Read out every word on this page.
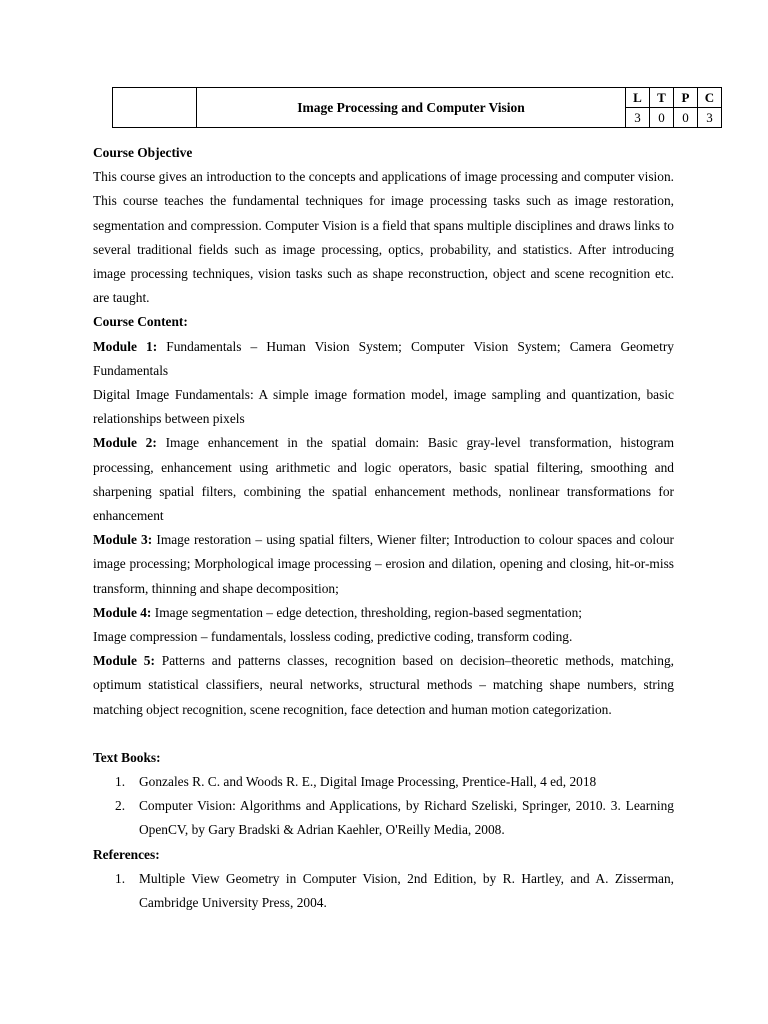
	Image Processing and Computer Vision	L	T	P	C
		3	0	0	3

Course Objective

This course gives an introduction to the concepts and applications of image processing and computer vision. This course teaches the fundamental techniques for image processing tasks such as image restoration, segmentation and compression. Computer Vision is a field that spans multiple disciplines and draws links to several traditional fields such as image processing, optics, probability, and statistics. After introducing image processing techniques, vision tasks such as shape reconstruction, object and scene recognition etc. are taught.

Course Content:

Module 1: Fundamentals – Human Vision System; Computer Vision System; Camera Geometry Fundamentals

Digital Image Fundamentals: A simple image formation model, image sampling and quantization, basic relationships between pixels

Module 2: Image enhancement in the spatial domain: Basic gray-level transformation, histogram processing, enhancement using arithmetic and logic operators, basic spatial filtering, smoothing and sharpening spatial filters, combining the spatial enhancement methods, nonlinear transformations for enhancement

Module 3: Image restoration – using spatial filters, Wiener filter; Introduction to colour spaces and colour image processing; Morphological image processing – erosion and dilation, opening and closing, hit-or-miss transform, thinning and shape decomposition;

Module 4: Image segmentation – edge detection, thresholding, region-based segmentation;

Image compression – fundamentals, lossless coding, predictive coding, transform coding.

Module 5: Patterns and patterns classes, recognition based on decision–theoretic methods, matching, optimum statistical classifiers, neural networks, structural methods – matching shape numbers, string matching object recognition, scene recognition, face detection and human motion categorization.

Text Books:

1. Gonzales R. C. and Woods R. E., Digital Image Processing, Prentice-Hall, 4 ed, 2018
2. Computer Vision: Algorithms and Applications, by Richard Szeliski, Springer, 2010. 3. Learning OpenCV, by Gary Bradski & Adrian Kaehler, O'Reilly Media, 2008.

References:

1. Multiple View Geometry in Computer Vision, 2nd Edition, by R. Hartley, and A. Zisserman, Cambridge University Press, 2004.
